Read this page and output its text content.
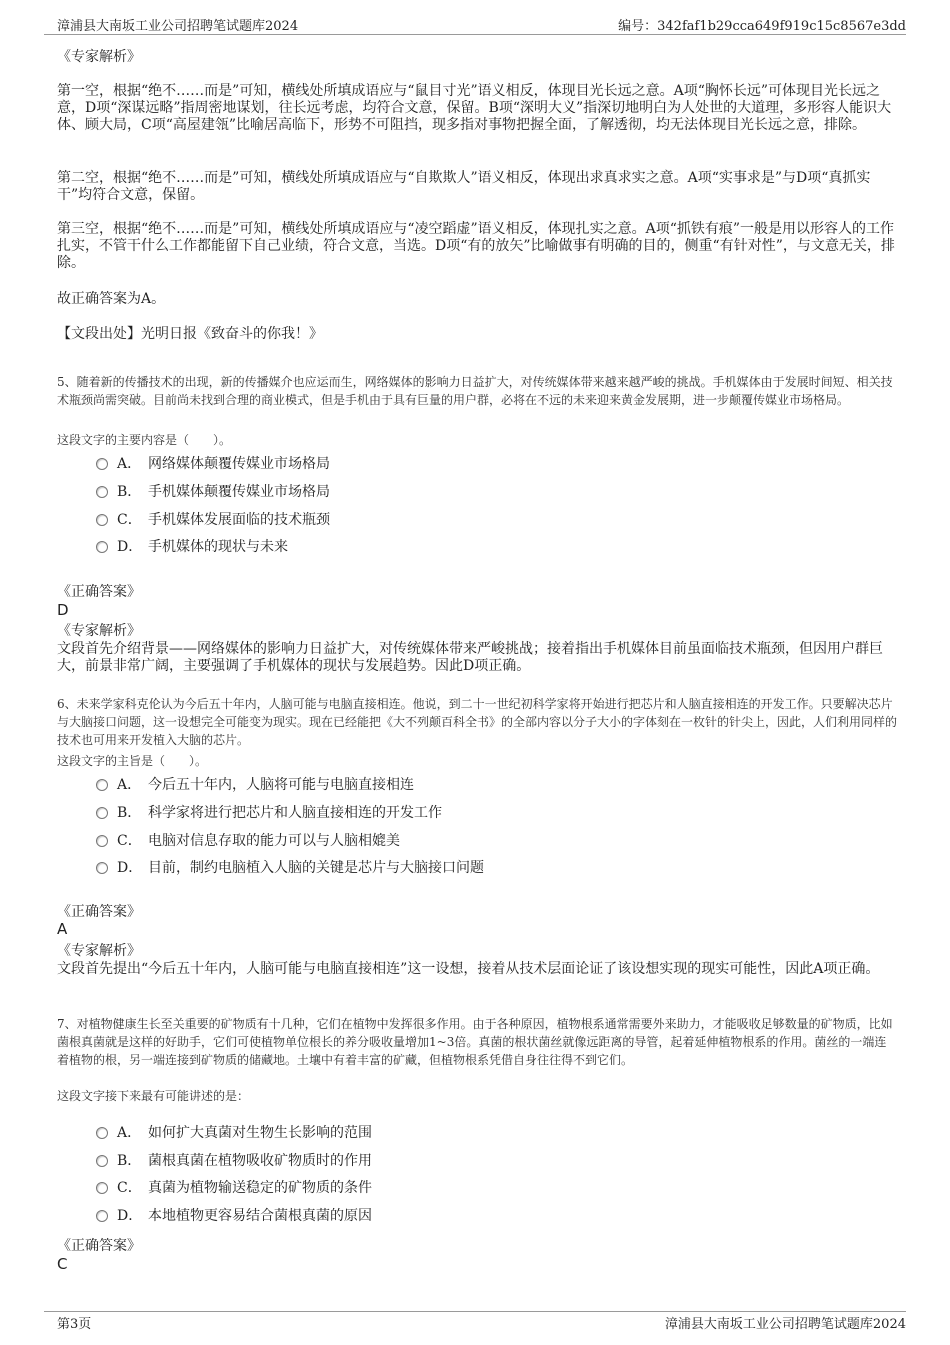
漳浦县大南坂工业公司招聘笔试题库2024	编号：342faf1b29cca649f919c15c8567e3dd

《专家解析》

第一空，根据“绝不……而是”可知，横线处所填成语应与“鼠目寸光”语义相反，体现目光长远之意。A项“胸怀长远”可体现目光长远之意，D项“深谋远略”指周密地谋划，往长远考虑，均符合文意，保留。B项“深明大义”指深切地明白为人处世的大道理，多形容人能识大体、顾大局，C项“高屋建瓴”比喻居高临下，形势不可阻挡，现多指对事物把握全面，了解透彻，均无法体现目光长远之意，排除。

第二空，根据“绝不……而是”可知，横线处所填成语应与“自欺欺人”语义相反，体现出求真求实之意。A项“实事求是”与D项“真抓实干”均符合文意，保留。

第三空，根据“绝不……而是”可知，横线处所填成语应与“凌空蹈虚”语义相反，体现扎实之意。A项“抓铁有痕”一般是用以形容人的工作扎实，不管干什么工作都能留下自己业绩，符合文意，当选。D项“有的放矢”比喻做事有明确的目的，侧重“有针对性”，与文意无关，排除。

故正确答案为A。

【文段出处】光明日报《致奋斗的你我！》

5、随着新的传播技术的出现，新的传播媒介也应运而生，网络媒体的影响力日益扩大，对传统媒体带来越来越严峻的挑战。手机媒体由于发展时间短、相关技术瓶颈尚需突破。目前尚未找到合理的商业模式，但是手机由于具有巨量的用户群，必将在不远的未来迎来黄金发展期，进一步颠覆传媒业市场格局。

这段文字的主要内容是（　　）。

A． 网络媒体颠覆传媒业市场格局
B． 手机媒体颠覆传媒业市场格局
C． 手机媒体发展面临的技术瓶颈
D． 手机媒体的现状与未来

《正确答案》

D

《专家解析》

文段首先介绍背景——网络媒体的影响力日益扩大，对传统媒体带来严峻挑战；接着指出手机媒体目前虽面临技术瓶颈，但因用户群巨大，前景非常广阔，主要强调了手机媒体的现状与发展趋势。因此D项正确。

6、未来学家科克伦认为今后五十年内，人脑可能与电脑直接相连。他说，到二十一世纪初科学家将开始进行把芯片和人脑直接相连的开发工作。只要解决芯片与大脑接口问题，这一设想完全可能变为现实。现在已经能把《大不列颠百科全书》的全部内容以分子大小的字体刻在一枚针的针尖上，因此，人们利用同样的技术也可用来开发植入大脑的芯片。

这段文字的主旨是（　　）。

A． 今后五十年内，人脑将可能与电脑直接相连
B． 科学家将进行把芯片和人脑直接相连的开发工作
C． 电脑对信息存取的能力可以与人脑相媲美
D． 目前，制约电脑植入人脑的关键是芯片与大脑接口问题

《正确答案》

A

《专家解析》

文段首先提出“今后五十年内，人脑可能与电脑直接相连”这一设想，接着从技术层面论证了该设想实现的现实可能性，因此A项正确。

7、对植物健康生长至关重要的矿物质有十几种，它们在植物中发挥很多作用。由于各种原因，植物根系通常需要外来助力，才能吸收足够数量的矿物质，比如菌根真菌就是这样的好助手，它们可使植物单位根长的养分吸收量增加1~3倍。真菌的根状菌丝就像远距离的导管，起着延伸植物根系的作用。菌丝的一端连着植物的根，另一端连接到矿物质的储藏地。土壤中有着丰富的矿藏，但植物根系凭借自身往往得不到它们。

这段文字接下来最有可能讲述的是：

A． 如何扩大真菌对生物生长影响的范围
B． 菌根真菌在植物吸收矿物质时的作用
C． 真菌为植物输送稳定的矿物质的条件
D． 本地植物更容易结合菌根真菌的原因

《正确答案》

C
第3页	漳浦县大南坂工业公司招聘笔试题库2024
